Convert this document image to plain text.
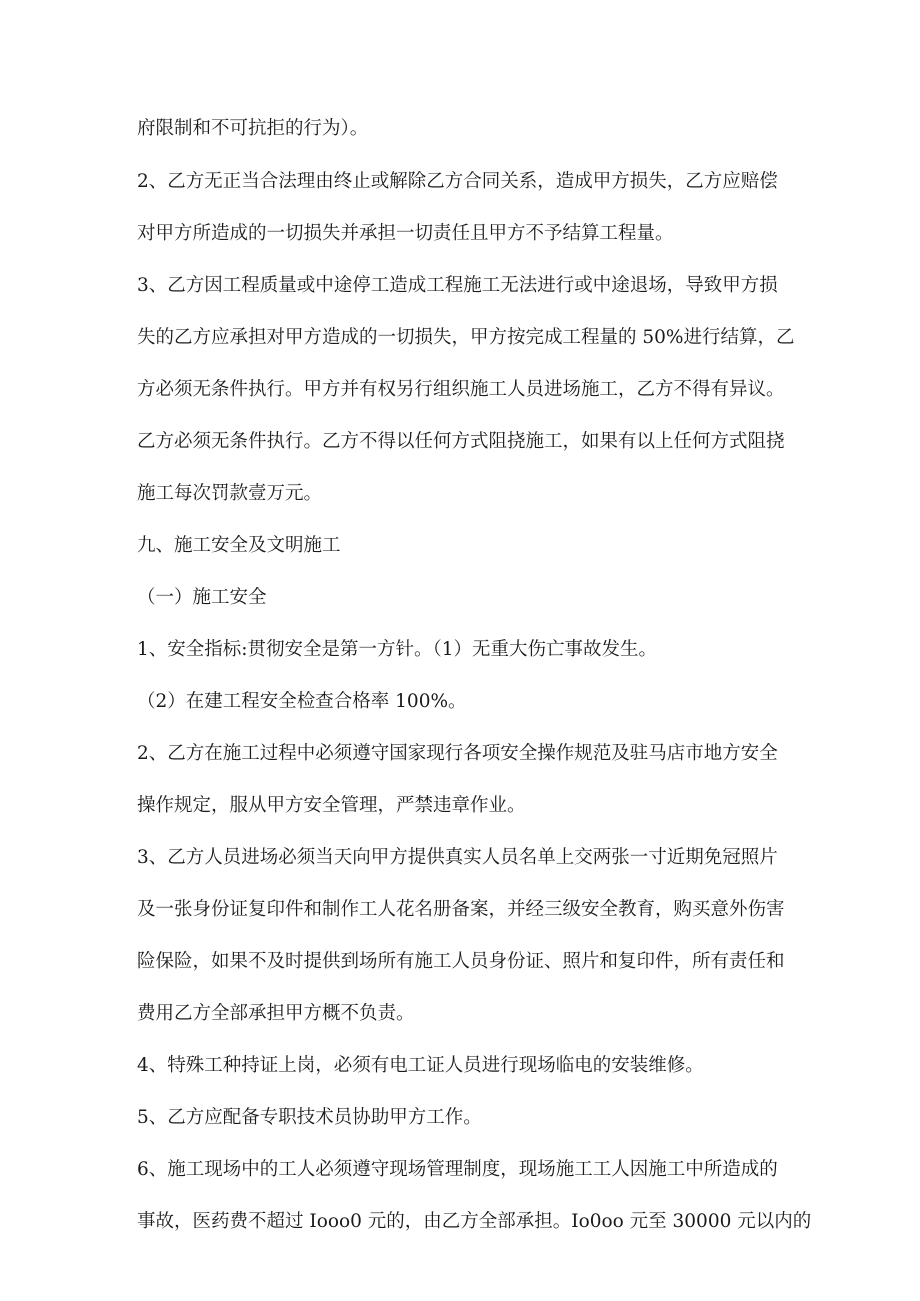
府限制和不可抗拒的行为）。
2、乙方无正当合法理由终止或解除乙方合同关系，造成甲方损失，乙方应赔偿
对甲方所造成的一切损失并承担一切责任且甲方不予结算工程量。
3、乙方因工程质量或中途停工造成工程施工无法进行或中途退场，导致甲方损
失的乙方应承担对甲方造成的一切损失，甲方按完成工程量的 50%进行结算，乙
方必须无条件执行。甲方并有权另行组织施工人员进场施工，乙方不得有异议。
乙方必须无条件执行。乙方不得以任何方式阻挠施工，如果有以上任何方式阻挠
施工每次罚款壹万元。
九、施工安全及文明施工
（一）施工安全
1、安全指标:贯彻安全是第一方针。（1）无重大伤亡事故发生。
（2）在建工程安全检查合格率 100%。
2、乙方在施工过程中必须遵守国家现行各项安全操作规范及驻马店市地方安全
操作规定，服从甲方安全管理，严禁违章作业。
3、乙方人员进场必须当天向甲方提供真实人员名单上交两张一寸近期免冠照片
及一张身份证复印件和制作工人花名册备案，并经三级安全教育，购买意外伤害
险保险，如果不及时提供到场所有施工人员身份证、照片和复印件，所有责任和
费用乙方全部承担甲方概不负责。
4、特殊工种持证上岗，必须有电工证人员进行现场临电的安装维修。
5、乙方应配备专职技术员协助甲方工作。
6、施工现场中的工人必须遵守现场管理制度，现场施工工人因施工中所造成的
事故，医药费不超过 Iooo0 元的，由乙方全部承担。Io0oo 元至 30000 元以内的
